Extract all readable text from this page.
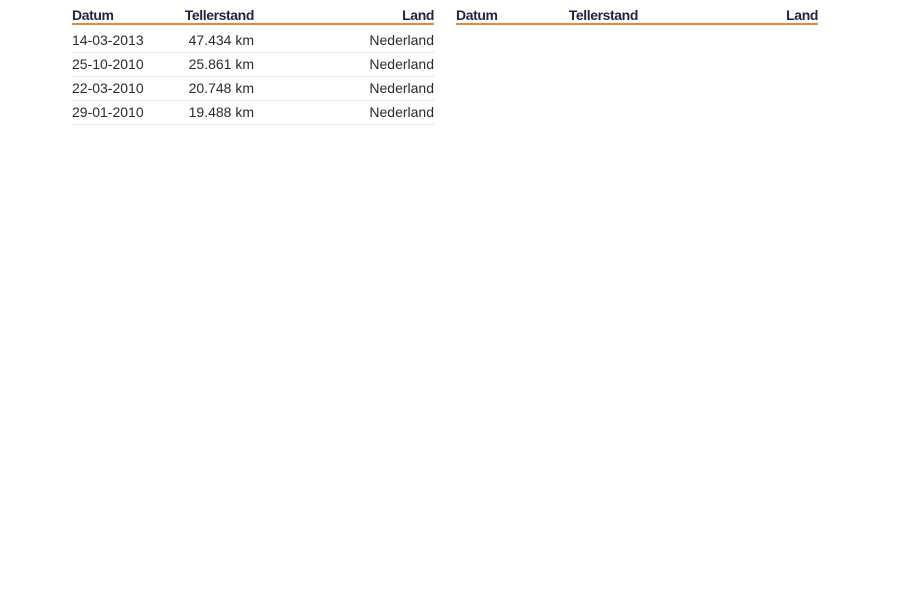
Datum	Tellerstand	Land
14-03-2013	47.434 km	Nederland
25-10-2010	25.861 km	Nederland
22-03-2010	20.748 km	Nederland
29-01-2010	19.488 km	Nederland
Datum	Tellerstand	Land
